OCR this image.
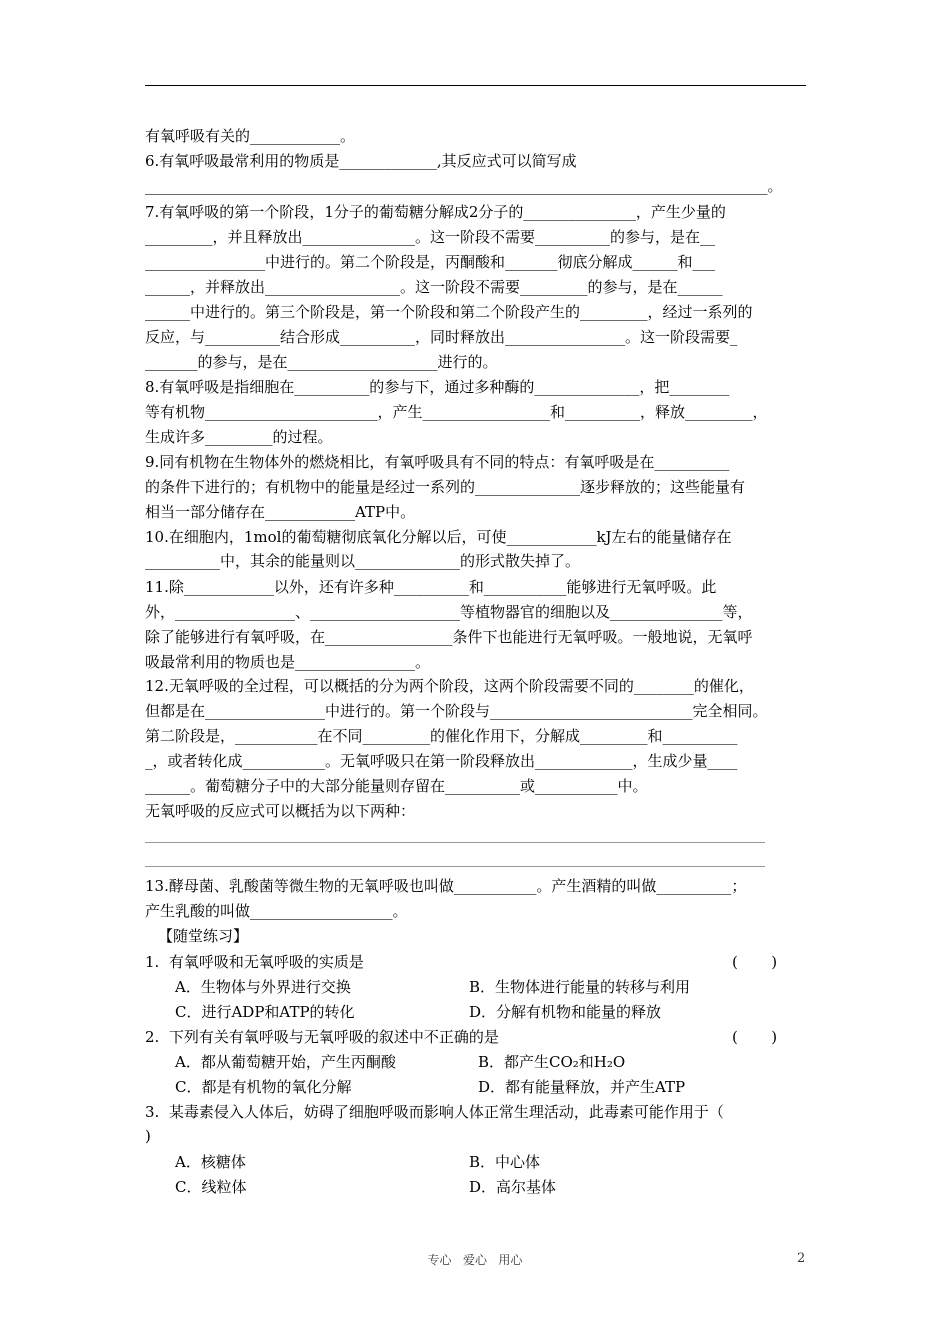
有氧呼吸有关的____________。
6.有氧呼吸最常利用的物质是_____________,其反应式可以简写成
___________________________________________________________________________________。
7.有氧呼吸的第一个阶段，1分子的葡萄糖分解成2分子的_______________，产生少量的
_________，并且释放出_______________。这一阶段不需要__________的参与，是在__
________________中进行的。第二个阶段是，丙酮酸和_______彻底分解成______和___
______，并释放出__________________。这一阶段不需要_________的参与，是在______
______中进行的。第三个阶段是，第一个阶段和第二个阶段产生的_________，经过一系列的
反应，与__________结合形成__________，同时释放出________________。这一阶段需要_
_______的参与，是在____________________进行的。
8.有氧呼吸是指细胞在__________的参与下，通过多种酶的______________，把________
等有机物_______________________，产生_________________和__________，释放_________，
生成许多_________的过程。
9.同有机物在生物体外的燃烧相比，有氧呼吸具有不同的特点：有氧呼吸是在__________
的条件下进行的；有机物中的能量是经过一系列的______________逐步释放的；这些能量有
相当一部分储存在____________ATP中。
10.在细胞内，1mol的葡萄糖彻底氧化分解以后，可使____________kJ左右的能量储存在
__________中，其余的能量则以______________的形式散失掉了。
11.除____________以外，还有许多种__________和___________能够进行无氧呼吸。此
外，________________、____________________等植物器官的细胞以及_______________等，
除了能够进行有氧呼吸，在_________________条件下也能进行无氧呼吸。一般地说，无氧呼
吸最常利用的物质也是________________。
12.无氧呼吸的全过程，可以概括的分为两个阶段，这两个阶段需要不同的________的催化，
但都是在________________中进行的。第一个阶段与___________________________完全相同。
第二阶段是，___________在不同_________的催化作用下，分解成_________和__________
_，或者转化成___________。无氧呼吸只在第一阶段释放出_____________，生成少量____
______。葡萄糖分子中的大部分能量则存留在__________或___________中。
无氧呼吸的反应式可以概括为以下两种：
13.酵母菌、乳酸菌等微生物的无氧呼吸也叫做___________。产生酒精的叫做__________；
产生乳酸的叫做___________________。
【随堂练习】
1.  有氧呼吸和无氧呼吸的实质是	(       )
A．生物体与外界进行交换	B．生物体进行能量的转移与利用
C．进行ADP和ATP的转化	D．分解有机物和能量的释放
2.  下列有关有氧呼吸与无氧呼吸的叙述中不正确的是	(       )
A．都从葡萄糖开始，产生丙酮酸	B．都产生CO₂和H₂O
C．都是有机物的氧化分解	D．都有能量释放，并产生ATP
3.  某毒素侵入人体后，妨碍了细胞呼吸而影响人体正常生理活动，此毒素可能作用于（
)
A．核糖体	B．中心体
C．线粒体	D．高尔基体
专心   爱心   用心	2
